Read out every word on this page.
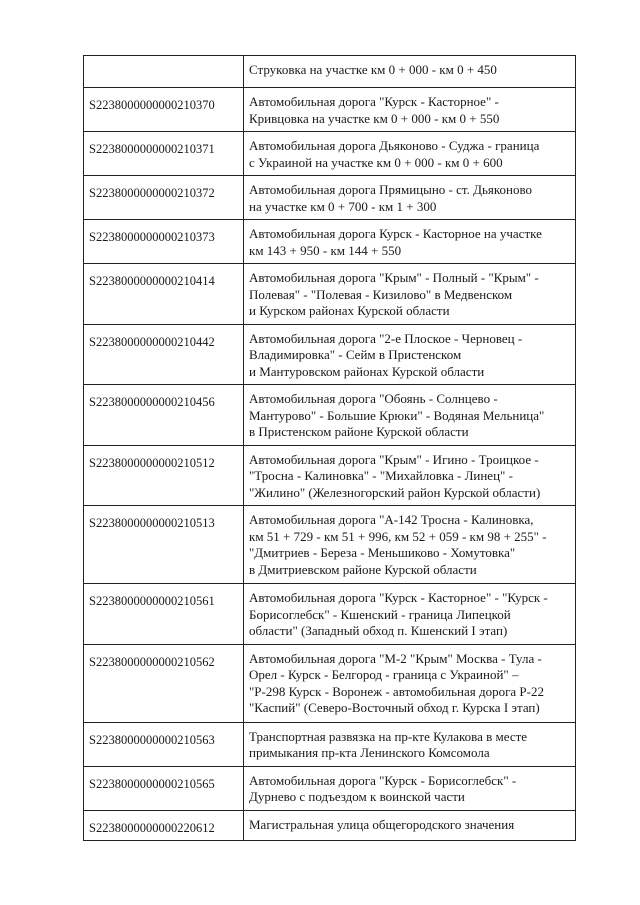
	Струковка на участке км 0 + 000 - км 0 + 450
S2238000000000210370	Автомобильная дорога "Курск - Касторное" -
Кривцовка на участке км 0 + 000 - км 0 + 550
S2238000000000210371	Автомобильная дорога Дьяконово - Суджа - граница
с Украиной на участке км 0 + 000 - км 0 + 600
S2238000000000210372	Автомобильная дорога Прямицыно - ст. Дьяконово
на участке км 0 + 700 - км 1 + 300
S2238000000000210373	Автомобильная дорога Курск - Касторное на участке
км 143 + 950 - км 144 + 550
S2238000000000210414	Автомобильная дорога "Крым" - Полный - "Крым" -
Полевая" - "Полевая - Кизилово" в Медвенском
и Курском районах Курской области
S2238000000000210442	Автомобильная дорога "2-е Плоское - Черновец -
Владимировка" - Сейм в Пристенском
и Мантуровском районах Курской области
S2238000000000210456	Автомобильная дорога "Обоянь - Солнцево -
Мантурово" - Большие Крюки" - Водяная Мельница"
в Пристенском районе Курской области
S2238000000000210512	Автомобильная дорога "Крым" - Игино - Троицкое -
"Тросна - Калиновка" - "Михайловка - Линец" -
"Жилино" (Железногорский район Курской области)
S2238000000000210513	Автомобильная дорога "А-142 Тросна - Калиновка,
км 51 + 729 - км 51 + 996, км 52 + 059 - км 98 + 255" -
"Дмитриев - Береза - Меньшиково - Хомутовка"
в Дмитриевском районе Курской области
S2238000000000210561	Автомобильная дорога "Курск - Касторное" - "Курск -
Борисоглебск" - Кшенский - граница Липецкой
области" (Западный обход п. Кшенский I этап)
S2238000000000210562	Автомобильная дорога "М-2 "Крым" Москва - Тула -
Орел - Курск - Белгород - граница с Украиной" –
"Р-298 Курск - Воронеж - автомобильная дорога Р-22
"Каспий" (Северо-Восточный обход г. Курска I этап)
S2238000000000210563	Транспортная развязка на пр-кте Кулакова в месте
примыкания пр-кта Ленинского Комсомола
S2238000000000210565	Автомобильная дорога "Курск - Борисоглебск" -
Дурнево с подъездом к воинской части
S2238000000000220612	Магистральная улица общегородского значения
